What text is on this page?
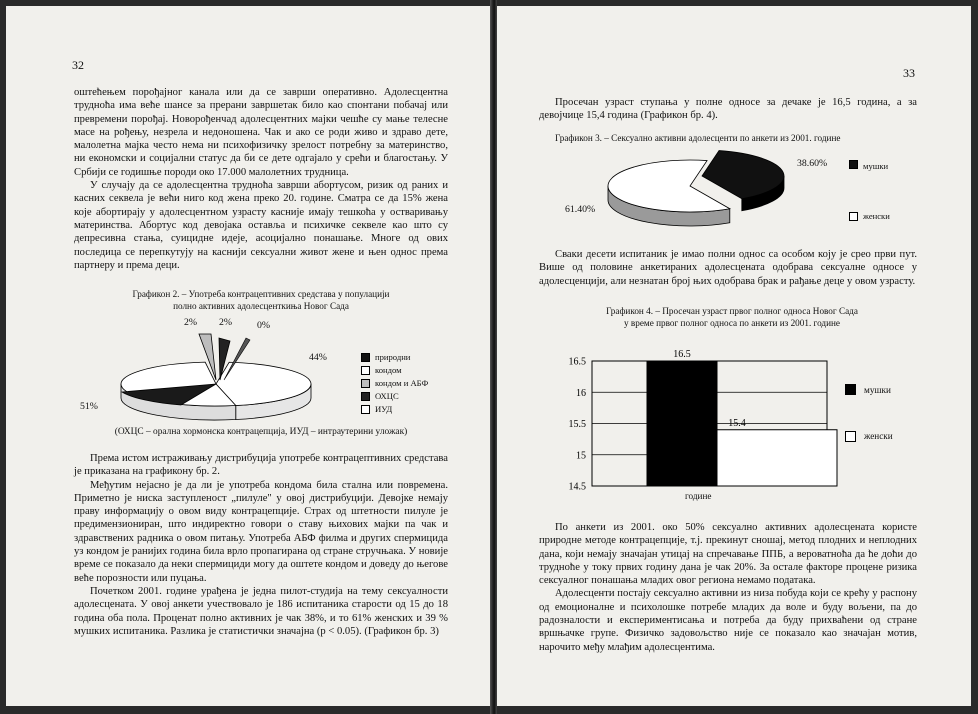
32

оштећењем порођајног канала или да се заврши оперативно. Адолесцентна трудноћа има веће шансе за прерани завршетак било као спонтани побачај или превремени порођај. Новорођенчад адолесцентних мајки чешће су мање телесне масе на рођењу, незрела и недоношена. Чак и ако се роди живо и здраво дете, малолетна мајка често нема ни психофизичку зрелост потребну за материнство, ни економски и социјални статус да би се дете одгајало у срећи и благостању. У Србији се годишње породи око 17.000 малолетних трудница.

У случају да се адолесцентна трудноћа заврши абортусом, ризик од раних и касних секвела је већи ниго код жена преко 20. године. Сматра се да 15% жена које абортирају у адолесцентном узрасту касније имају тешкоћа у остваривању материнства. Абортус код девојака оставља и психичке секвеле као што су депресивна стања, суицидне идеје, асоцијално понашање. Многе од ових последица се перепкутују на каснији сексуални живот жене и њен однос према партнеру и према деци.

Графикон 2. – Употреба контрацептивних средстава у популацији
полно активних адолесценткиња Новог Сада
2% 2%	0%
44%
51%
природни
кондом
кондом и АБФ
ОХЦС
ИУД
(ОХЦС – орална хормонска контрацепција, ИУД – интраутерини уложак)

Према истом истраживању дистрибуција употребе контрацептивних средстава је приказана на графикону бр. 2.

Међутим нејасно је да ли је употреба кондома била стална или повремена. Приметно је ниска заступленост „пилуле" у овој дистрибуцији. Девојке немају праву информацију о овом виду контрацепције. Страх од штетности пилуле је предимензиониран, што индиректно говори о ставу њихових мајки па чак и здравствених радника о овом питању. Употреба АБФ филма и других спермицида уз кондом је ранијих година била врло пропагирана од стране стручњака. У новије време се показало да неки спермициди могу да оштете кондом и доведу до његове веће порозности или пуцања.

Почетком 2001. године урађена је једна пилот-студија на тему сексуалности адолесцената. У овој анкети учествовало је 186 испитаника старости од 15 до 18 година оба пола. Проценат полно активних је чак 38%, и то 61% женских и 39 % мушких испитаника. Разлика је статистички значајна (p < 0.05). (Графикон бр. 3)

33

Просечан узраст ступања у полне односе за дечаке је 16,5 година, а за девојчице 15,4 година (Графикон бр. 4).

Графикон 3. – Сексуално активни адолесценти по анкети из 2001. године
38.60%
61.40%
мушки
женски

Сваки десети испитаник је имао полни однос са особом коју је срео први пут. Више од половине анкетираних адолесцената одобрава сексуалне односе у адолесценцији, али незнатан број њих одобрава брак и рађање деце у овом узрасту.

Графикон 4. – Просечан узраст првог полног односа Новог Сада
у време првог полног односа по анкети из 2001. године
16.5
16
15.5
15
14.5
16.5
15.4
године
мушки
женски

По анкети из 2001. око 50% сексуално активних адолесцената користе природне методе контрацепције, т.ј. прекинут сношај, метод плодних и неплодних дана, који немају значајан утицај на спречавање ППБ, а вероватноћа да ће доћи до трудноће у току првих годину дана је чак 20%. За остале факторе процене ризика сексуалног понашања младих овог региона немамо података.

Адолесценти постају сексуално активни из низа побуда који се крећу у распону од емоционалне и психолошке потребе младих да воле и буду вољени, па до радозналости и експериментисања и потреба да буду прихваћени од стране вршњачке групе. Физичко задовољство није се показало као значајан мотив, нарочито међу млађим адолесцентима.
